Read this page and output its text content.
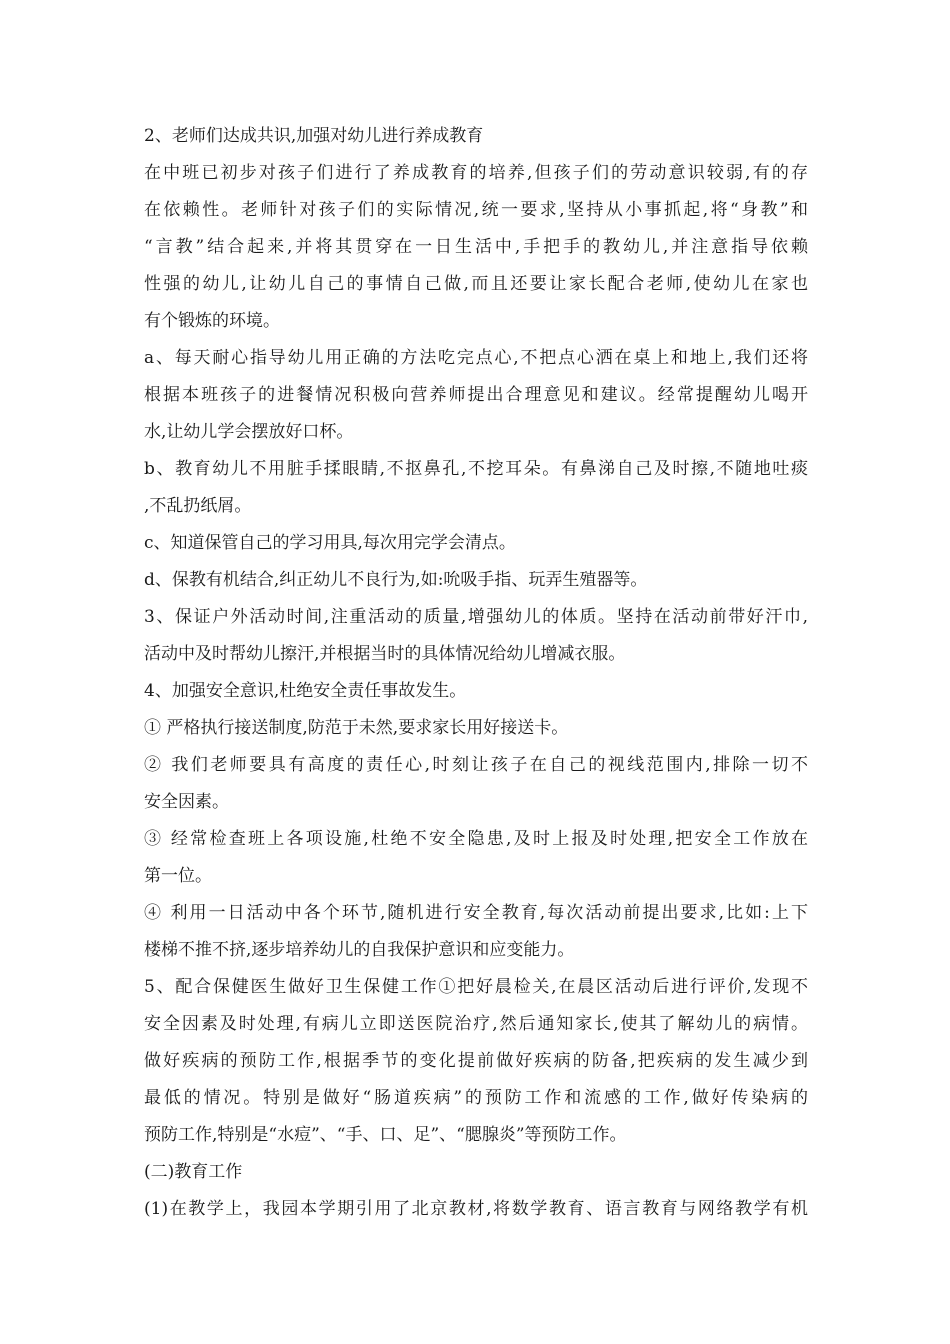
2、老师们达成共识,加强对幼儿进行养成教育
在中班已初步对孩子们进行了养成教育的培养,但孩子们的劳动意识较弱,有的存
在依赖性。老师针对孩子们的实际情况,统一要求,坚持从小事抓起,将“身教”和
“言教”结合起来,并将其贯穿在一日生活中,手把手的教幼儿,并注意指导依赖
性强的幼儿,让幼儿自己的事情自己做,而且还要让家长配合老师,使幼儿在家也
有个锻炼的环境。
a、每天耐心指导幼儿用正确的方法吃完点心,不把点心洒在桌上和地上,我们还将
根据本班孩子的进餐情况积极向营养师提出合理意见和建议。经常提醒幼儿喝开
水,让幼儿学会摆放好口杯。
b、教育幼儿不用脏手揉眼睛,不抠鼻孔,不挖耳朵。有鼻涕自己及时擦,不随地吐痰
,不乱扔纸屑。
c、知道保管自己的学习用具,每次用完学会清点。
d、保教有机结合,纠正幼儿不良行为,如:吮吸手指、玩弄生殖器等。
3、保证户外活动时间,注重活动的质量,增强幼儿的体质。坚持在活动前带好汗巾,
活动中及时帮幼儿擦汗,并根据当时的具体情况给幼儿增减衣服。
4、加强安全意识,杜绝安全责任事故发生。
① 严格执行接送制度,防范于未然,要求家长用好接送卡。
② 我们老师要具有高度的责任心,时刻让孩子在自己的视线范围内,排除一切不
安全因素。
③ 经常检查班上各项设施,杜绝不安全隐患,及时上报及时处理,把安全工作放在
第一位。
④ 利用一日活动中各个环节,随机进行安全教育,每次活动前提出要求,比如:上下
楼梯不推不挤,逐步培养幼儿的自我保护意识和应变能力。
5、配合保健医生做好卫生保健工作①把好晨检关,在晨区活动后进行评价,发现不
安全因素及时处理,有病儿立即送医院治疗,然后通知家长,使其了解幼儿的病情。
做好疾病的预防工作,根据季节的变化提前做好疾病的防备,把疾病的发生减少到
最低的情况。特别是做好“肠道疾病”的预防工作和流感的工作,做好传染病的
预防工作,特别是“水痘”、“手、口、足”、“腮腺炎”等预防工作。
(二)教育工作
(1)在教学上，我园本学期引用了北京教材,将数学教育、语言教育与网络教学有机
